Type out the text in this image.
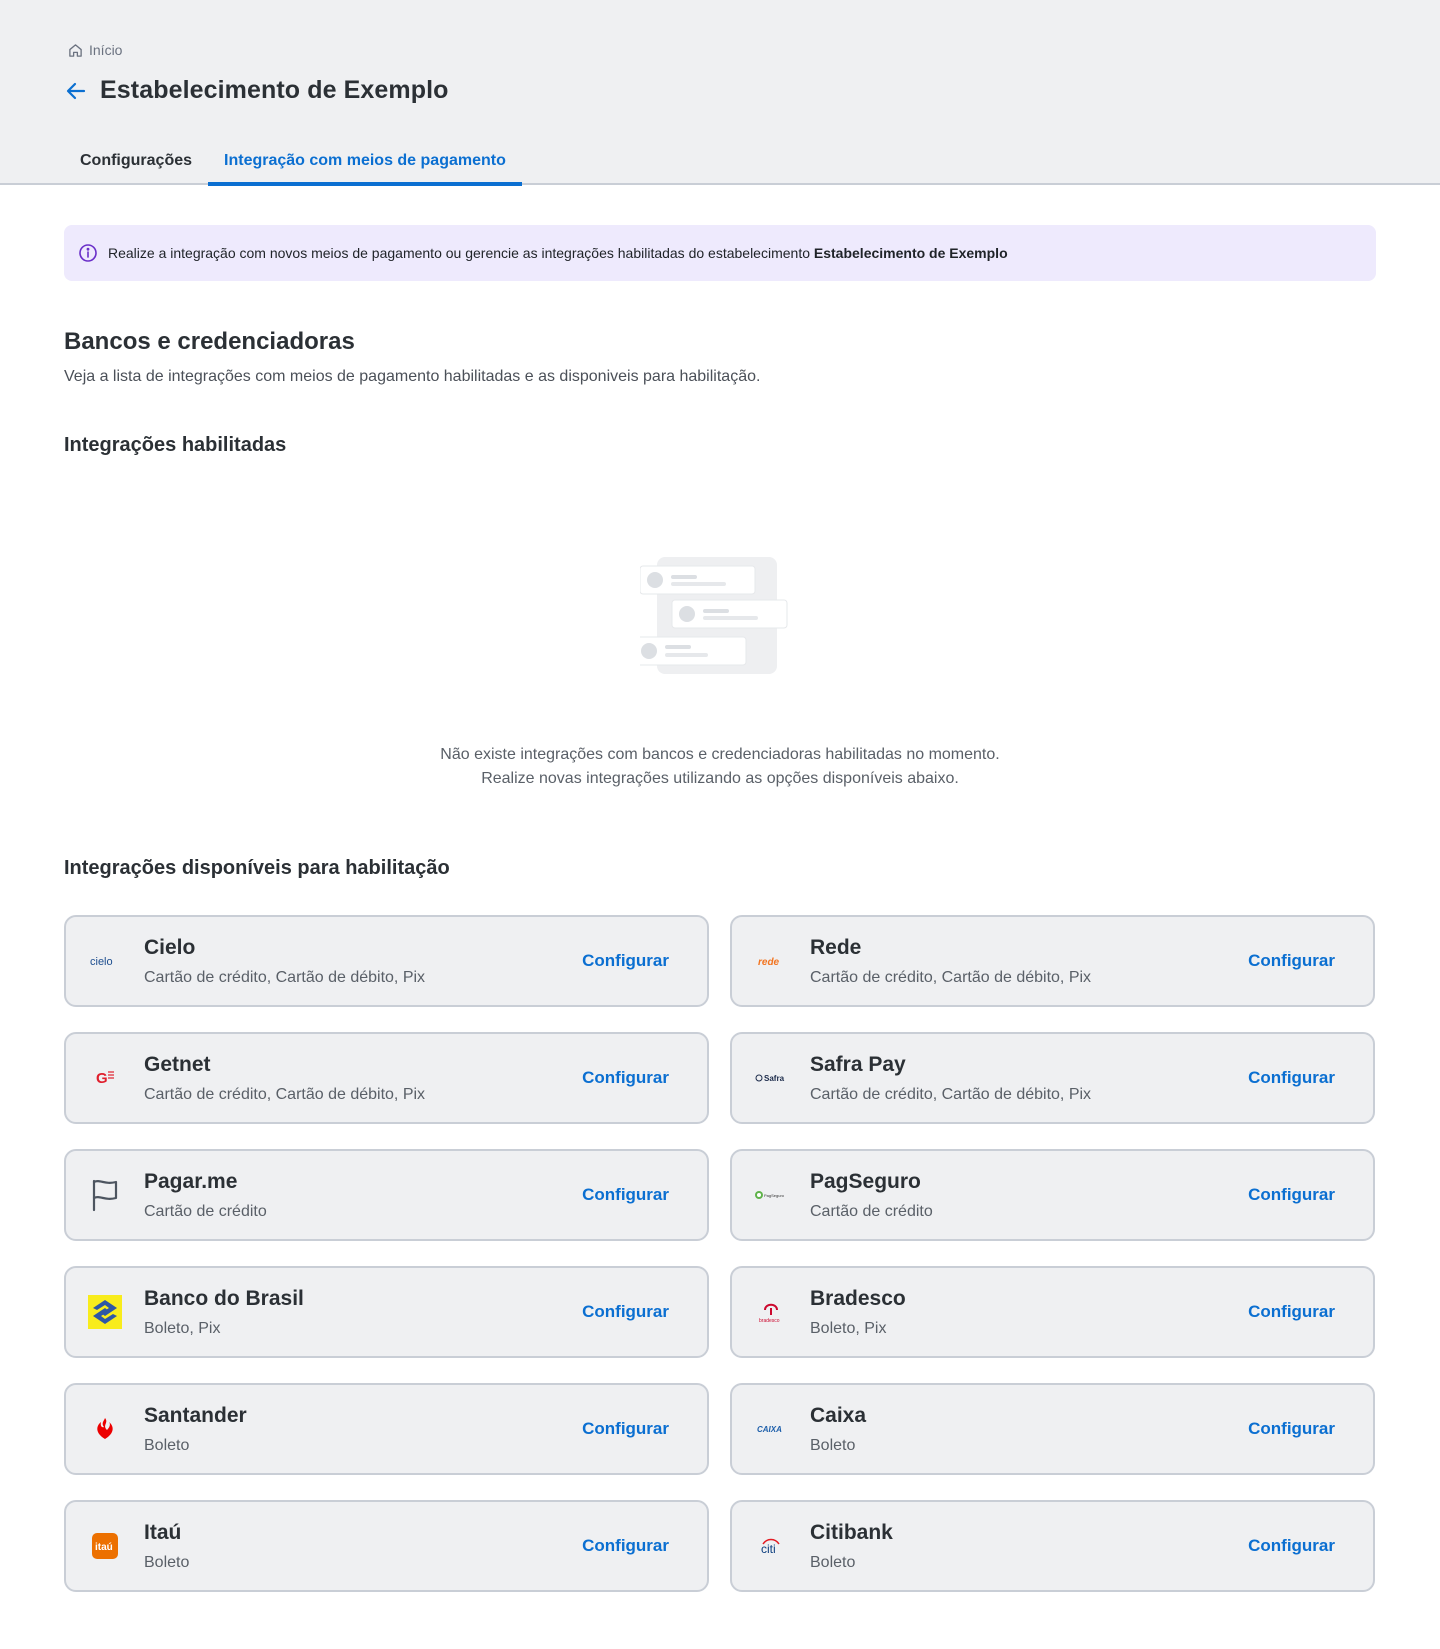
Início
Estabelecimento de Exemplo
Configurações	Integração com meios de pagamento
Realize a integração com novos meios de pagamento ou gerencie as integrações habilitadas do estabelecimento Estabelecimento de Exemplo
Bancos e credenciadoras

Veja a lista de integrações com meios de pagamento habilitadas e as disponiveis para habilitação.

Integrações habilitadas
Não existe integrações com bancos e credenciadoras habilitadas no momento.
Realize novas integrações utilizando as opções disponíveis abaixo.
Integrações disponíveis para habilitação
cielo
Cielo
Cartão de crédito, Cartão de débito, Pix
Configurar	rede
Rede
Cartão de crédito, Cartão de débito, Pix
Configurar
G
Getnet
Cartão de crédito, Cartão de débito, Pix
Configurar	Safra
Safra Pay
Cartão de crédito, Cartão de débito, Pix
Configurar
Pagar.me
Cartão de crédito
Configurar	PagSeguro
PagSeguro
Cartão de crédito
Configurar
Banco do Brasil
Boleto, Pix
Configurar	bradesco
Bradesco
Boleto, Pix
Configurar
Santander
Boleto
Configurar	CAIXA
Caixa
Boleto
Configurar
itaú
Itaú
Boleto
Configurar	citi
Citibank
Boleto
Configurar
